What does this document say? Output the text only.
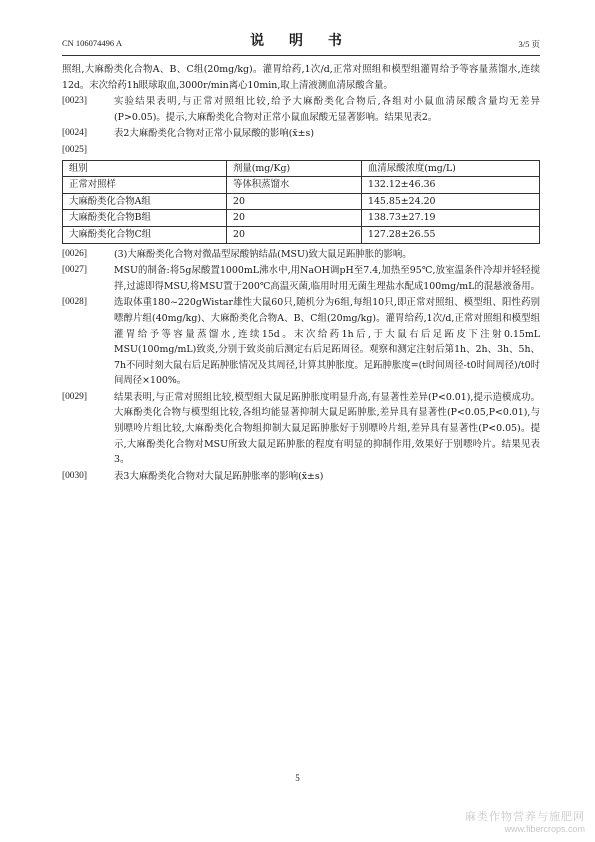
CN 106074496 A	说 明 书	3/5 页
照组,大麻酚类化合物A、B、C组(20mg/kg)。灌胃给药,1次/d,正常对照组和模型组灌胃给予等容量蒸馏水,连续12d。末次给药1h眼球取血,3000r/min离心10min,取上清液测血清尿酸含量。
[0023]	实验结果表明,与正常对照组比较,给予大麻酚类化合物后,各组对小鼠血清尿酸含量均无差异(P>0.05)。提示,大麻酚类化合物对正常小鼠血尿酸无显著影响。结果见表2。
[0024]	表2大麻酚类化合物对正常小鼠尿酸的影响(x̄±s)
[0025]
组别	剂量(mg/Kg)	血清尿酸浓度(mg/L)
正常对照样	等体积蒸馏水	132.12±46.36
大麻酚类化合物A组	20	145.85±24.20
大麻酚类化合物B组	20	138.73±27.19
大麻酚类化合物C组	20	127.28±26.55
[0026]	(3)大麻酚类化合物对微晶型尿酸钠结晶(MSU)致大鼠足跖肿胀的影响。
[0027]	MSU的制备:将5g尿酸置1000mL沸水中,用NaOH调pH至7.4,加热至95℃,放室温条件冷却并轻轻搅拌,过滤即得MSU,将MSU置于200℃高温灭菌,临用时用无菌生理盐水配成100mg/mL的混悬液备用。
[0028]	选取体重180~220gWistar雄性大鼠60只,随机分为6组,每组10只,即正常对照组、模型组、阳性药别嘌醇片组(40mg/kg)、大麻酚类化合物A、B、C组(20mg/kg)。灌胃给药,1次/d,正常对照组和模型组灌胃给予等容量蒸馏水,连续15d。末次给药1h后,于大鼠右后足跖皮下注射0.15mL MSU(100mg/mL)致炎,分别于致炎前后测定右后足跖周径。观察和测定注射后第1h、2h、3h、5h、7h不同时刻大鼠右后足跖肿胀情况及其周径,计算其肿胀度。足跖肿胀度=(t时间周径-t0时间周径)/t0时间周径×100%。
[0029]	结果表明,与正常对照组比较,模型组大鼠足跖肿胀度明显升高,有显著性差异(P<0.01),提示造模成功。大麻酚类化合物与模型组比较,各组均能显著抑制大鼠足跖肿胀,差异具有显著性(P<0.05,P<0.01),与别嘌呤片组比较,大麻酚类化合物组抑制大鼠足跖肿胀好于别嘌呤片组,差异具有显著性(P<0.05)。提示,大麻酚类化合物对MSU所致大鼠足跖肿胀的程度有明显的抑制作用,效果好于别嘌呤片。结果见表3。
[0030]	表3大麻酚类化合物对大鼠足跖肿胀率的影响(x̄±s)
5
麻类作物营养与施肥网
www.fibercrops.com
